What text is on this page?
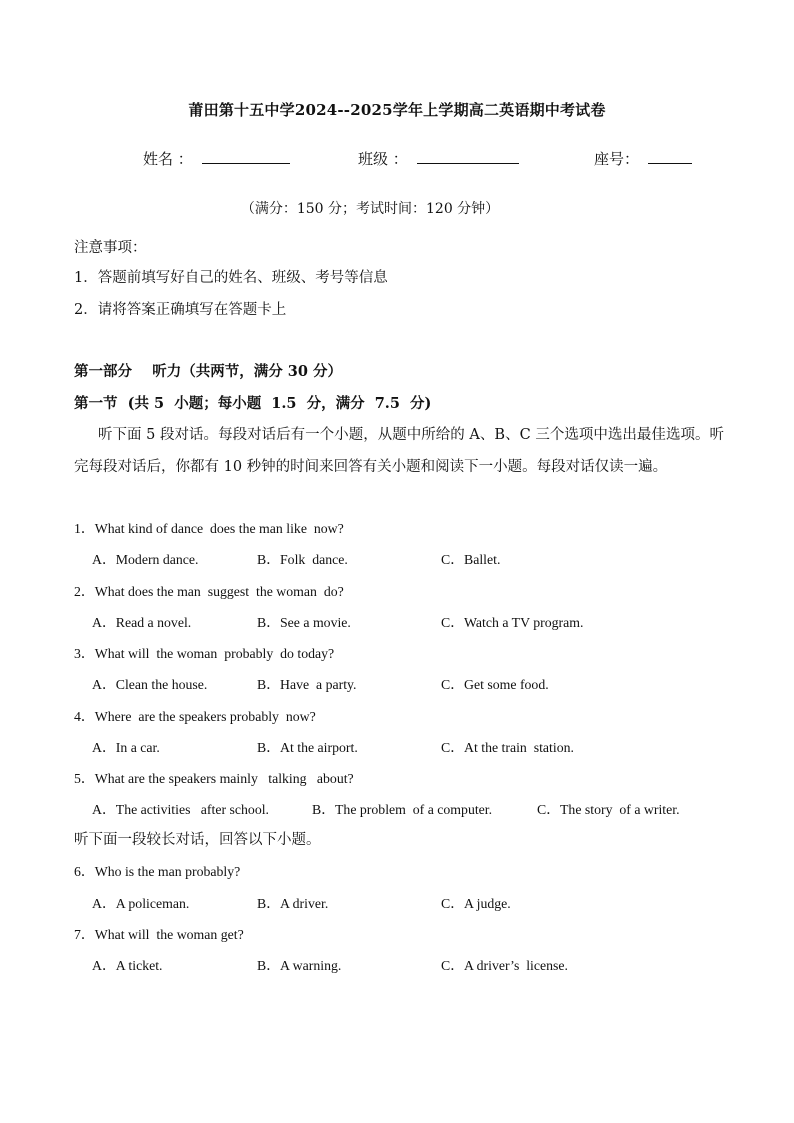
莆田第十五中学2024--2025学年上学期高二英语期中考试卷
姓名 ：	班级 ：	座号：
（满分：150 分；考试时间：120 分钟）
注意事项：
1．答题前填写好自己的姓名、班级、考号等信息
2．请将答案正确填写在答题卡上
第一部分    听力（共两节，满分 30 分）
第一节  (共 5  小题；每小题  1.5  分，满分  7.5  分)
听下面 5 段对话。每段对话后有一个小题，从题中所给的 A、B、C 三个选项中选出最佳选项。听完每段对话后，你都有 10 秒钟的时间来回答有关小题和阅读下一小题。每段对话仅读一遍。
1．What kind of dance  does the man like  now?
A．Modern dance.	B．Folk  dance.	C．Ballet.
2．What does the man  suggest  the woman  do?
A．Read a novel.	B．See a movie.	C．Watch a TV program.
3．What will  the woman  probably  do today?
A．Clean the house.	B．Have  a party.	C．Get some food.
4．Where  are the speakers probably  now?
A．In a car.	B．At the airport.	C．At the train  station.
5．What are the speakers mainly   talking   about?
A．The activities   after school.	B．The problem  of a computer.	C．The story  of a writer.
听下面一段较长对话，回答以下小题。
6．Who is the man probably?
A．A policeman.	B．A driver.	C．A judge.
7．What will  the woman get?
A．A ticket.	B．A warning.	C．A driver’s  license.
